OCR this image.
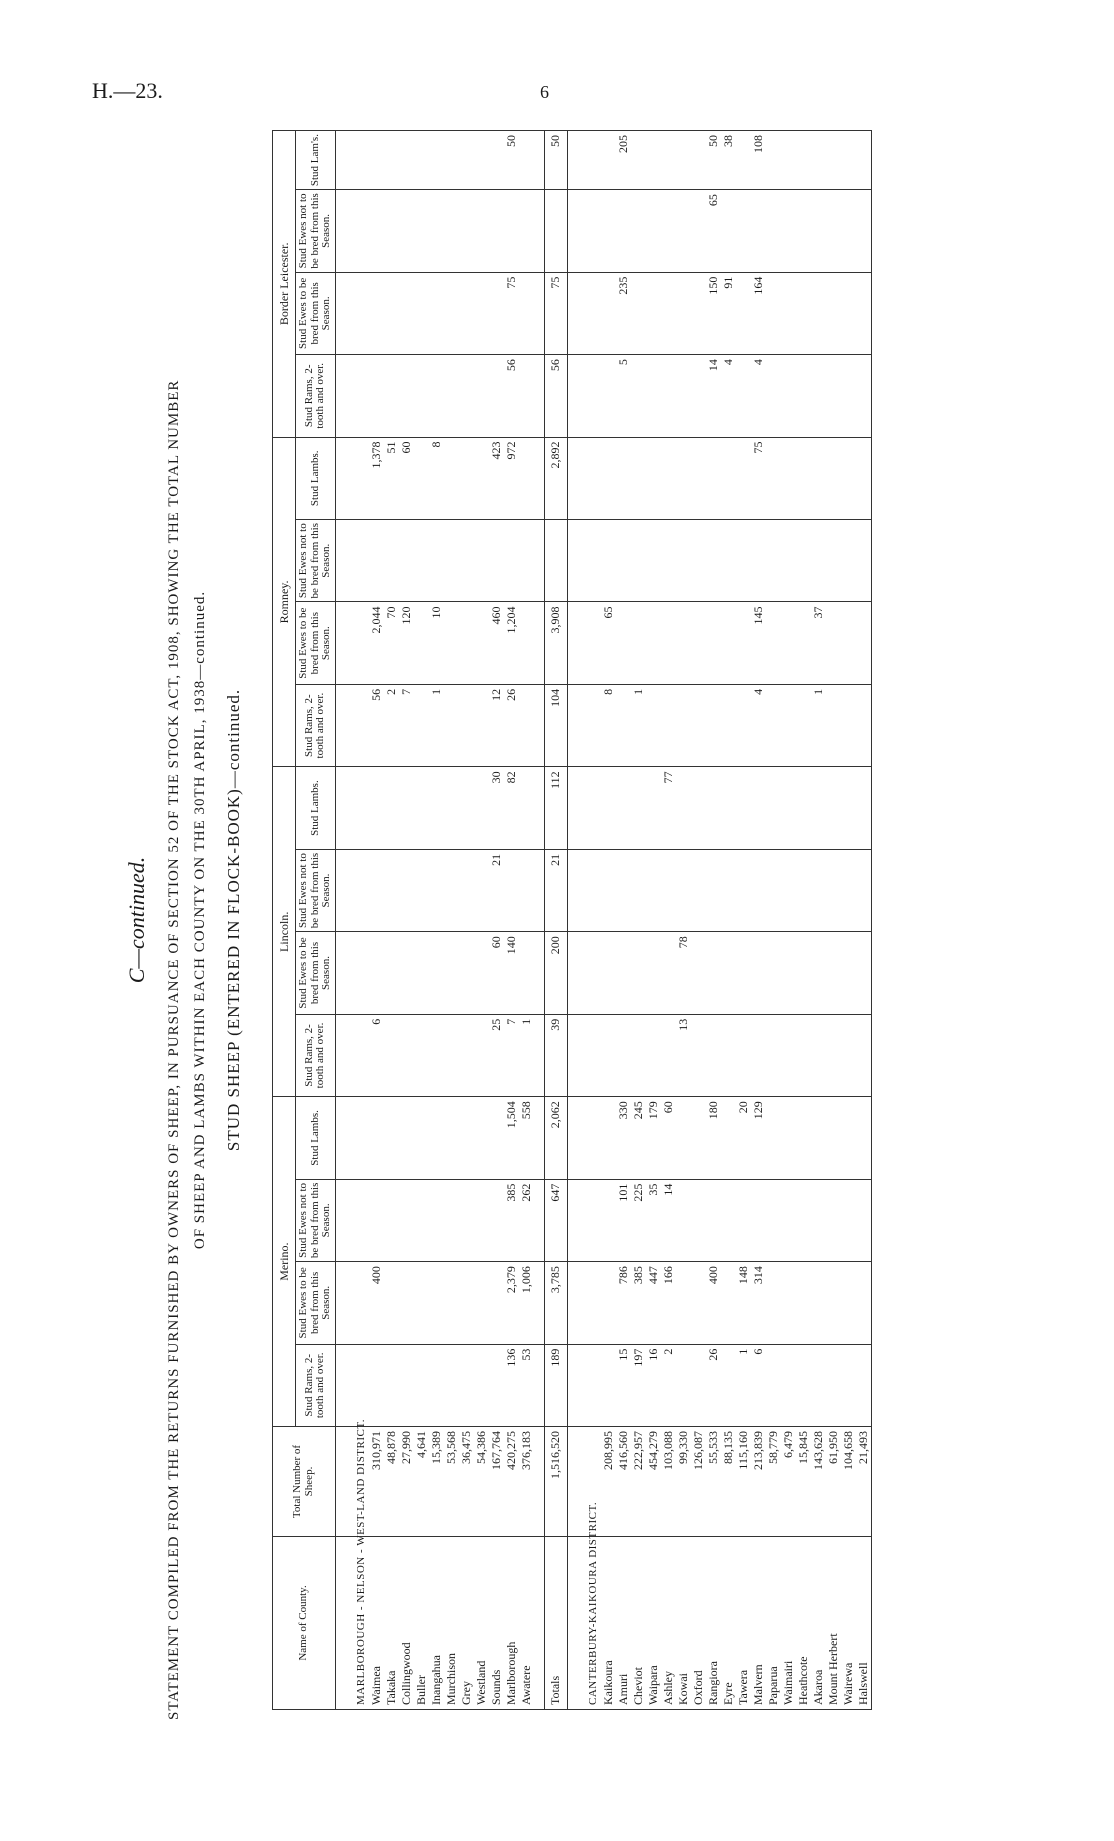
H.—23.	6
C—continued. STATEMENT COMPILED FROM THE RETURNS FURNISHED BY OWNERS OF SHEEP, IN PURSUANCE OF SECTION 52 OF THE STOCK ACT, 1908, SHOWING THE TOTAL NUMBER OF SHEEP AND LAMBS WITHIN EACH COUNTY ON THE 30TH APRIL, 1938—continued. STUD SHEEP (ENTERED IN FLOCK-BOOK)—continued.
Name of County.	Total Number of Sheep.	Merino.				Lincoln.				Romney.				Border Leicester.			
		Stud Rams, 2-tooth and over.	Stud Ewes to be bred from this Season.	Stud Ewes not to be bred from this Season.	Stud Lambs.	Stud Rams, 2-tooth and over.	Stud Ewes to be bred from this Season.	Stud Ewes not to be bred from this Season.	Stud Lambs.	Stud Rams, 2-tooth and over.	Stud Ewes to be bred from this Season.	Stud Ewes not to be bred from this Season.	Stud Lambs.	Stud Rams, 2-tooth and over.	Stud Ewes to be bred from this Season.	Stud Ewes not to be bred from this Season.	Stud Lam's.

MARLBOROUGH - NELSON - WEST-LAND DISTRICT.																	
Waimea	310,971		400			6				56	2,044		1,378				
Takaka	48,878									2	70		51				
Collingwood	27,990									7	120		60				
Buller	4,641																
Inangahua	15,389									1	10		8				
Murchison	53,568																
Grey	36,475																
Westland	54,386																
Sounds	167,764					25	60	21	30	12	460		423				
Marlborough	420,275	136	2,379	385	1,504	7	140		82	26	1,204		972	56	75		50
Awatere	376,183	53	1,006	262	558	1											

Totals	1,516,520	189	3,785	647	2,062	39	200	21	112	104	3,908		2,892	56	75		50

CANTERBURY-KAIKOURA DISTRICT.																	
Kaikoura	208,995									8	65						
Amuri	416,560	15	786	101	330									5	235		205
Cheviot	222,957	197	385	225	245					1							
Waipara	454,279	16	447	35	179												
Ashley	103,088	2	166	14	60				77								
Kowai	99,330					13	78										
Oxford	126,087																
Rangiora	55,533	26	400		180									14	150	65	50
Eyre	88,135													4	91		38
Tawera	115,160	1	148		20												
Malvern	213,839	6	314		129					4	145		75	4	164		108
Paparua	58,779																
Waimairi	6,479																
Heathcote	15,845																
Akaroa	143,628									1	37						
Mount Herbert	61,950																
Wairewa	104,658																
Halswell	21,493																
